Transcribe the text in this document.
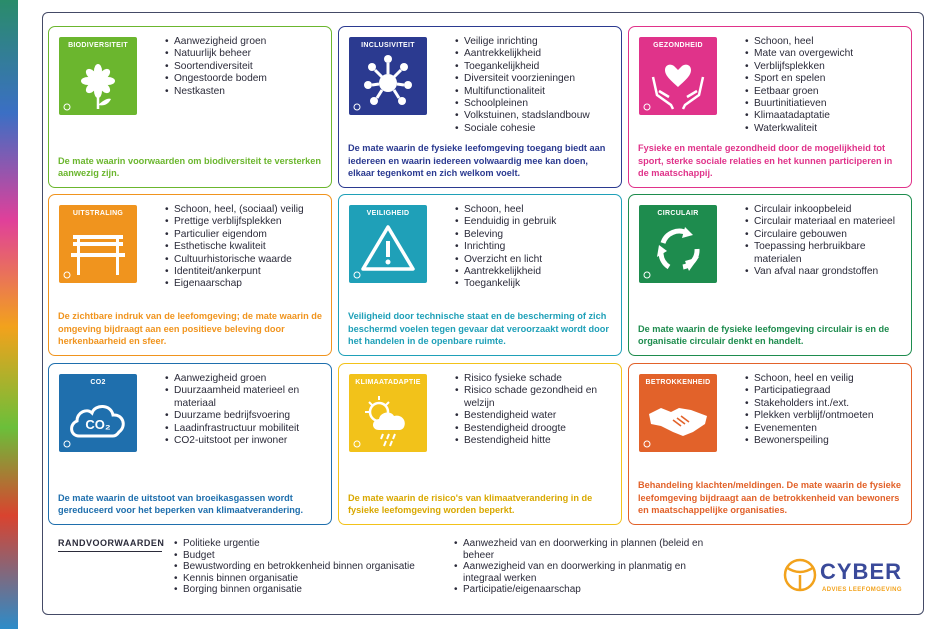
BIODIVERSITEIT	• Aanwezigheid groen
• Natuurlijk beheer
• Soortendiversiteit
• Ongestoorde bodem
• Nestkasten
De mate waarin voorwaarden om biodiversiteit te versterken aanwezig zijn.
INCLUSIVITEIT	• Veilige inrichting
• Aantrekkelijkheid
• Toegankelijkheid
• Diversiteit voorzieningen
• Multifunctionaliteit
• Schoolpleinen
• Volkstuinen, stadslandbouw
• Sociale cohesie
De mate waarin de fysieke leefomgeving toegang biedt aan iedereen en waarin iedereen volwaardig mee kan doen, elkaar tegenkomt en zich welkom voelt.
GEZONDHEID	• Schoon, heel
• Mate van overgewicht
• Verblijfsplekken
• Sport en spelen
• Eetbaar groen
• Buurtinitiatieven
• Klimaatadaptatie
• Waterkwaliteit
Fysieke en mentale gezondheid door de mogelijkheid tot sport, sterke sociale relaties en het kunnen participeren in de maatschappij.
UITSTRALING	• Schoon, heel, (sociaal) veilig
• Prettige verblijfsplekken
• Particulier eigendom
• Esthetische kwaliteit
• Cultuurhistorische waarde
• Identiteit/ankerpunt
• Eigenaarschap
De zichtbare indruk van de leefomgeving; de mate waarin de omgeving bijdraagt aan een positieve beleving door herkenbaarheid en sfeer.
VEILIGHEID	• Schoon, heel
• Eenduidig in gebruik
• Beleving
• Inrichting
• Overzicht en licht
• Aantrekkelijkheid
• Toegankelijk
Veiligheid door technische staat en de bescherming of zich beschermd voelen tegen gevaar dat veroorzaakt wordt door het handelen in de openbare ruimte.
CIRCULAIR	• Circulair inkoopbeleid
• Circulair materiaal en materieel
• Circulaire gebouwen
• Toepassing herbruikbare materialen
• Van afval naar grondstoffen
De mate waarin de fysieke leefomgeving circulair is en de organisatie circulair denkt en handelt.
CO₂
CO2	• Aanwezigheid groen
• Duurzaamheid materieel en materiaal
• Duurzame bedrijfsvoering
• Laadinfrastructuur mobiliteit
• CO2-uitstoot per inwoner
De mate waarin de uitstoot van broeikasgassen wordt gereduceerd voor het beperken van klimaatverandering.
KLIMAATADAPTIE	• Risico fysieke schade
• Risico schade gezondheid en welzijn
• Bestendigheid water
• Bestendigheid droogte
• Bestendigheid hitte
De mate waarin de risico's van klimaatverandering in de fysieke leefomgeving worden beperkt.
BETROKKENHEID	• Schoon, heel en veilig
• Participatiegraad
• Stakeholders int./ext.
• Plekken verblijf/ontmoeten
• Evenementen
• Bewonerspeiling
Behandeling klachten/meldingen. De mate waarin de fysieke leefomgeving bijdraagt aan de betrokkenheid van bewoners en maatschappelijke organisaties.
RANDVOORWAARDEN	• Politieke urgentie
• Budget
• Bewustwording en betrokkenheid binnen organisatie
• Kennis binnen organisatie
• Borging binnen organisatie
• Aanwezheid van en doorwerking in plannen (beleid en beheer
• Aanwezigheid van en doorwerking in planmatig en integraal werken
• Participatie/eigenaarschap
CYBER
ADVIES LEEFOMGEVING
